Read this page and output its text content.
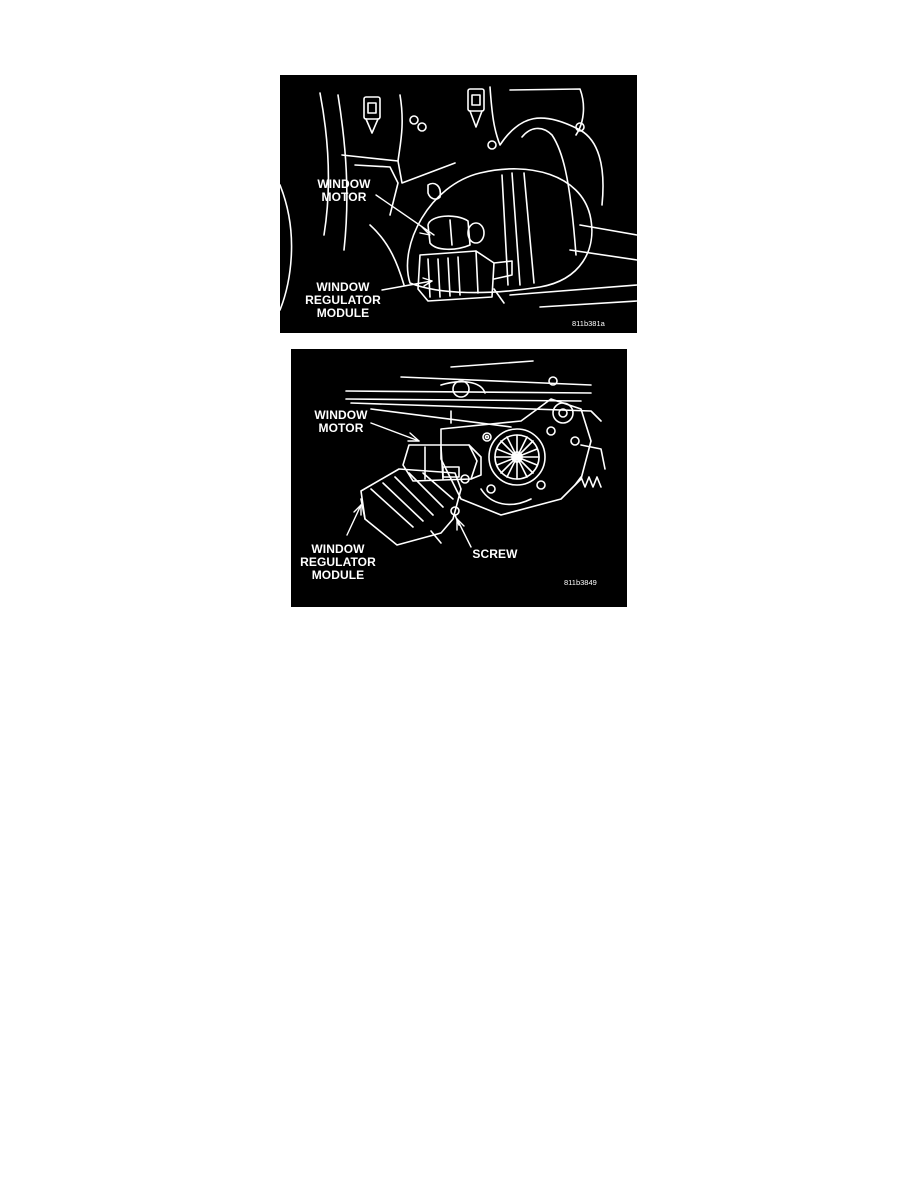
WINDOW
MOTOR
WINDOW
REGULATOR
MODULE
811b381a
WINDOW
MOTOR
WINDOW
REGULATOR
MODULE
SCREW
811b3849
